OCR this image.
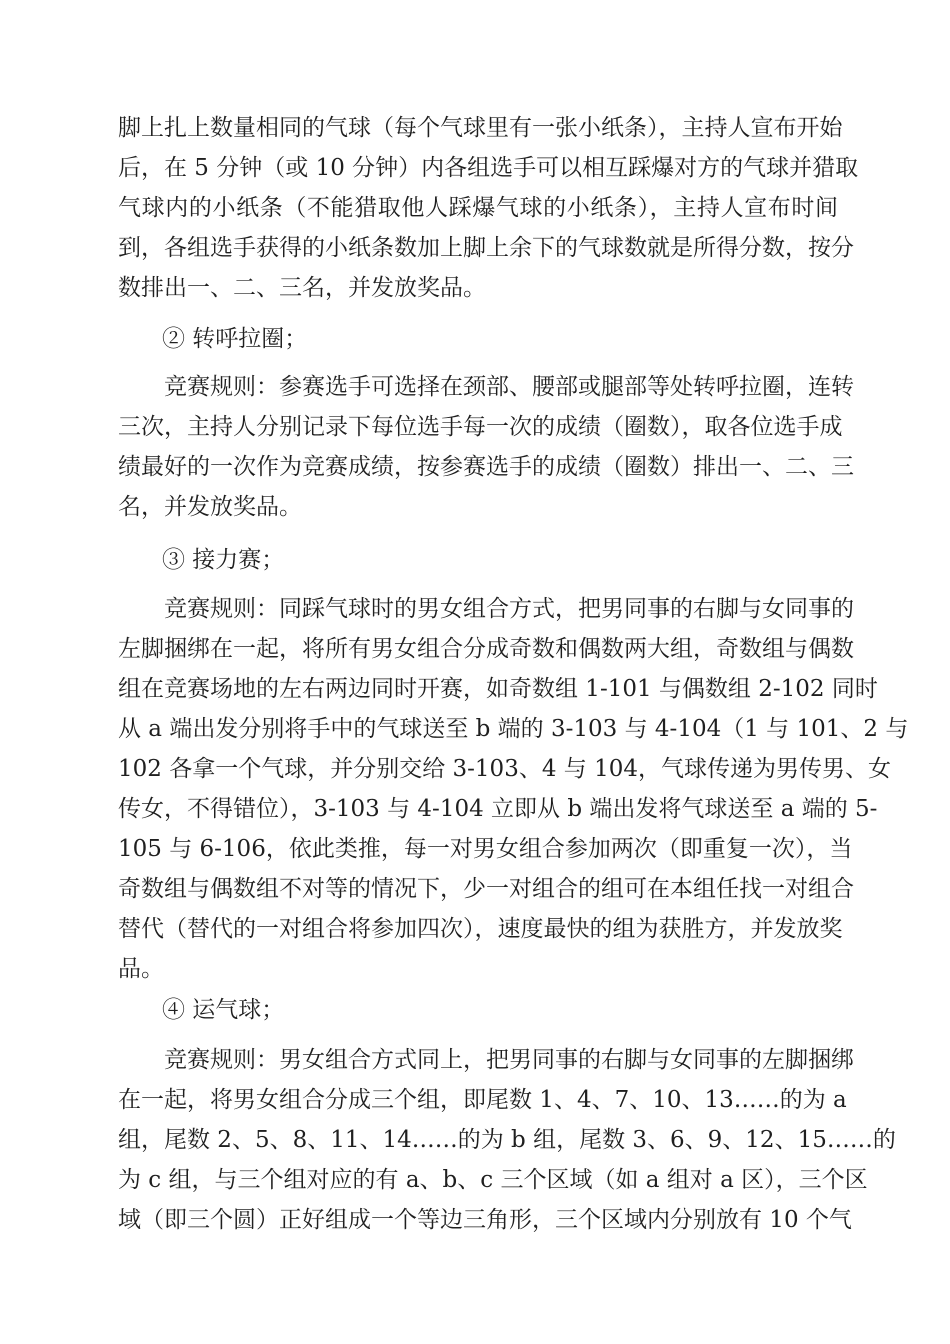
脚上扎上数量相同的气球（每个气球里有一张小纸条），主持人宣布开始
后，在 5 分钟（或 10 分钟）内各组选手可以相互踩爆对方的气球并猎取
气球内的小纸条（不能猎取他人踩爆气球的小纸条），主持人宣布时间
到，各组选手获得的小纸条数加上脚上余下的气球数就是所得分数，按分
数排出一、二、三名，并发放奖品。
② 转呼拉圈；
　　竞赛规则：参赛选手可选择在颈部、腰部或腿部等处转呼拉圈，连转
三次，主持人分别记录下每位选手每一次的成绩（圈数），取各位选手成
绩最好的一次作为竞赛成绩，按参赛选手的成绩（圈数）排出一、二、三
名，并发放奖品。
③ 接力赛；
　　竞赛规则：同踩气球时的男女组合方式，把男同事的右脚与女同事的
左脚捆绑在一起，将所有男女组合分成奇数和偶数两大组，奇数组与偶数
组在竞赛场地的左右两边同时开赛，如奇数组 1-101 与偶数组 2-102 同时
从 a 端出发分别将手中的气球送至 b 端的 3-103 与 4-104（1 与 101、2 与
102 各拿一个气球，并分别交给 3-103、4 与 104，气球传递为男传男、女
传女，不得错位），3-103 与 4-104 立即从 b 端出发将气球送至 a 端的 5-
105 与 6-106，依此类推，每一对男女组合参加两次（即重复一次），当
奇数组与偶数组不对等的情况下，少一对组合的组可在本组任找一对组合
替代（替代的一对组合将参加四次），速度最快的组为获胜方，并发放奖
品。
④ 运气球；
　　竞赛规则：男女组合方式同上，把男同事的右脚与女同事的左脚捆绑
在一起，将男女组合分成三个组，即尾数 1、4、7、10、13……的为 a
组，尾数 2、5、8、11、14……的为 b 组，尾数 3、6、9、12、15……的
为 c 组，与三个组对应的有 a、b、c 三个区域（如 a 组对 a 区），三个区
域（即三个圆）正好组成一个等边三角形，三个区域内分别放有 10 个气
